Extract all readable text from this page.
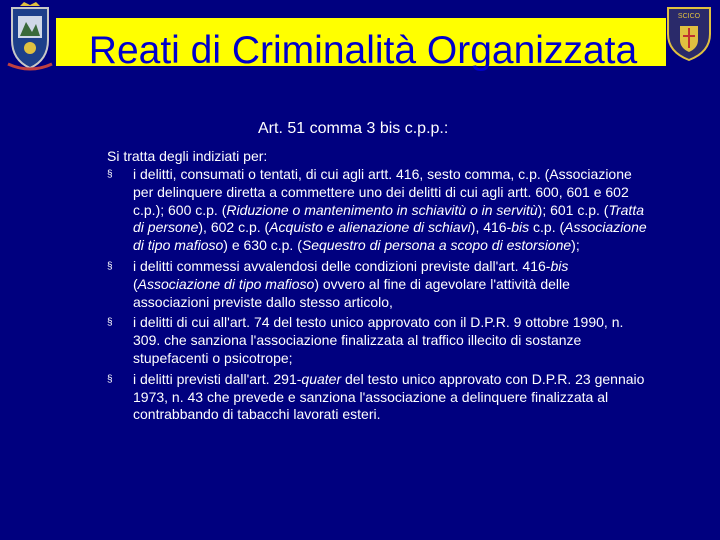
Reati di Criminalità Organizzata
SCICO
Art. 51 comma 3 bis c.p.p.:
Si tratta degli indiziati per:
§ i delitti, consumati o tentati, di cui agli artt. 416, sesto comma, c.p. (Associazione per delinquere diretta a commettere uno dei delitti di cui agli artt. 600, 601 e 602 c.p.); 600 c.p. (Riduzione o mantenimento in schiavitù o in servitù); 601 c.p. (Tratta di persone), 602 c.p. (Acquisto e alienazione di schiavi), 416-bis c.p. (Associazione di tipo mafioso) e 630 c.p. (Sequestro di persona a scopo di estorsione);
§ i delitti commessi avvalendosi delle condizioni previste dall'art. 416-bis (Associazione di tipo mafioso) ovvero al fine di agevolare l'attività delle associazioni previste dallo stesso articolo,
§ i delitti di cui all'art. 74 del testo unico approvato con il D.P.R. 9 ottobre 1990, n. 309. che sanziona l'associazione finalizzata al traffico illecito di sostanze stupefacenti o psicotrope;
§ i delitti previsti dall'art. 291-quater del testo unico approvato con D.P.R. 23 gennaio 1973, n. 43 che prevede e sanziona l'associazione a delinquere finalizzata al contrabbando di tabacchi lavorati esteri.
